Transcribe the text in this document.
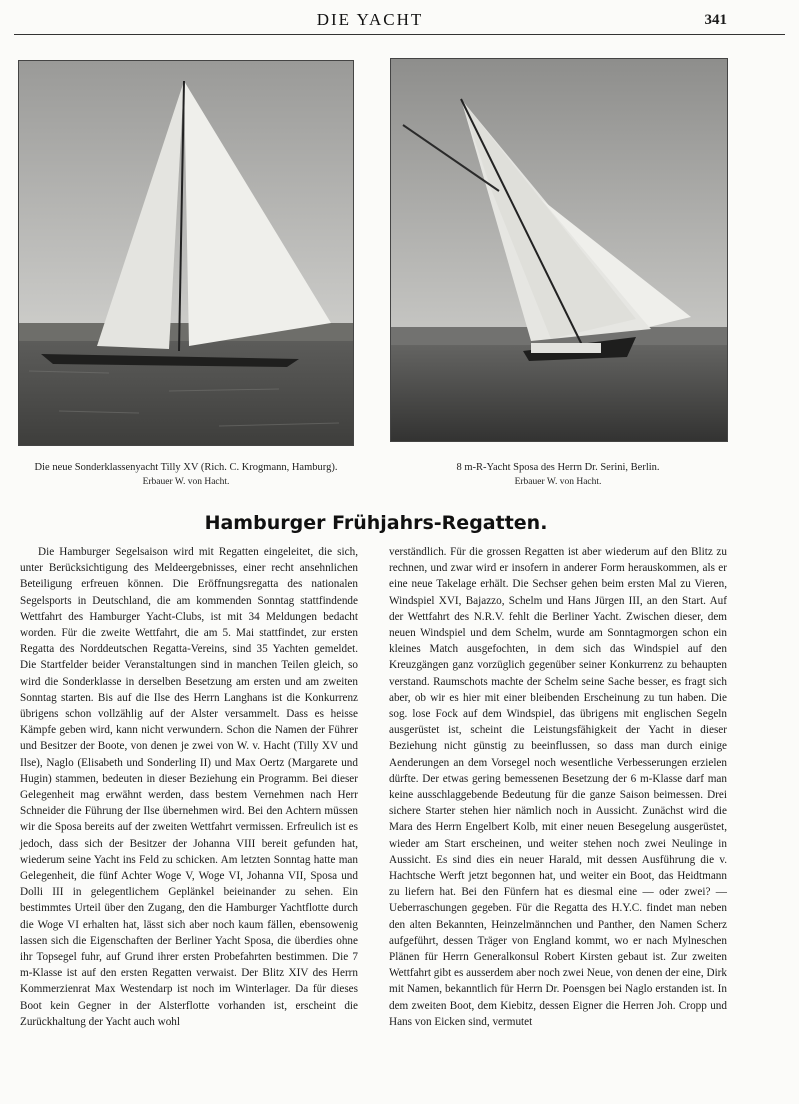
DIE YACHT	341
Die neue Sonderklassenyacht Tilly XV (Rich. C. Krogmann, Hamburg).
Erbauer W. von Hacht.
8 m-R-Yacht Sposa des Herrn Dr. Serini, Berlin.
Erbauer W. von Hacht.
Hamburger Frühjahrs-Regatten.
Die Hamburger Segelsaison wird mit Regatten eingeleitet, die sich, unter Berücksichtigung des Meldeergebnisses, einer recht ansehnlichen Beteiligung erfreuen können. Die Eröffnungsregatta des nationalen Segelsports in Deutschland, die am kommenden Sonntag stattfindende Wettfahrt des Hamburger Yacht-Clubs, ist mit 34 Meldungen bedacht worden. Für die zweite Wettfahrt, die am 5. Mai stattfindet, zur ersten Regatta des Norddeutschen Regatta-Vereins, sind 35 Yachten gemeldet. Die Startfelder beider Veranstaltungen sind in manchen Teilen gleich, so wird die Sonderklasse in derselben Besetzung am ersten und am zweiten Sonntag starten. Bis auf die Ilse des Herrn Langhans ist die Konkurrenz übrigens schon vollzählig auf der Alster versammelt. Dass es heisse Kämpfe geben wird, kann nicht verwundern. Schon die Namen der Führer und Besitzer der Boote, von denen je zwei von W. v. Hacht (Tilly XV und Ilse), Naglo (Elisabeth und Sonderling II) und Max Oertz (Margarete und Hugin) stammen, bedeuten in dieser Beziehung ein Programm. Bei dieser Gelegenheit mag erwähnt werden, dass bestem Vernehmen nach Herr Schneider die Führung der Ilse übernehmen wird. Bei den Achtern müssen wir die Sposa bereits auf der zweiten Wettfahrt vermissen. Erfreulich ist es jedoch, dass sich der Besitzer der Johanna VIII bereit gefunden hat, wiederum seine Yacht ins Feld zu schicken. Am letzten Sonntag hatte man Gelegenheit, die fünf Achter Woge V, Woge VI, Johanna VII, Sposa und Dolli III in gelegentlichem Geplänkel beieinander zu sehen. Ein bestimmtes Urteil über den Zugang, den die Hamburger Yachtflotte durch die Woge VI erhalten hat, lässt sich aber noch kaum fällen, ebensowenig lassen sich die Eigenschaften der Berliner Yacht Sposa, die überdies ohne ihr Topsegel fuhr, auf Grund ihrer ersten Probefahrten bestimmen. Die 7 m-Klasse ist auf den ersten Regatten verwaist. Der Blitz XIV des Herrn Kommerzienrat Max Westendarp ist noch im Winterlager. Da für dieses Boot kein Gegner in der Alsterflotte vorhanden ist, erscheint die Zurückhaltung der Yacht auch wohl
verständlich. Für die grossen Regatten ist aber wiederum auf den Blitz zu rechnen, und zwar wird er insofern in anderer Form herauskommen, als er eine neue Takelage erhält. Die Sechser gehen beim ersten Mal zu Vieren, Windspiel XVI, Bajazzo, Schelm und Hans Jürgen III, an den Start. Auf der Wettfahrt des N.R.V. fehlt die Berliner Yacht. Zwischen dieser, dem neuen Windspiel und dem Schelm, wurde am Sonntagmorgen schon ein kleines Match ausgefochten, in dem sich das Windspiel auf den Kreuzgängen ganz vorzüglich gegenüber seiner Konkurrenz zu behaupten verstand. Raumschots machte der Schelm seine Sache besser, es fragt sich aber, ob wir es hier mit einer bleibenden Erscheinung zu tun haben. Die sog. lose Fock auf dem Windspiel, das übrigens mit englischen Segeln ausgerüstet ist, scheint die Leistungsfähigkeit der Yacht in dieser Beziehung nicht günstig zu beeinflussen, so dass man durch einige Aenderungen an dem Vorsegel noch wesentliche Verbesserungen erzielen dürfte. Der etwas gering bemessenen Besetzung der 6 m-Klasse darf man keine ausschlaggebende Bedeutung für die ganze Saison beimessen. Drei sichere Starter stehen hier nämlich noch in Aussicht. Zunächst wird die Mara des Herrn Engelbert Kolb, mit einer neuen Besegelung ausgerüstet, wieder am Start erscheinen, und weiter stehen noch zwei Neulinge in Aussicht. Es sind dies ein neuer Harald, mit dessen Ausführung die v. Hachtsche Werft jetzt begonnen hat, und weiter ein Boot, das Heidtmann zu liefern hat. Bei den Fünfern hat es diesmal eine — oder zwei? — Ueberraschungen gegeben. Für die Regatta des H.Y.C. findet man neben den alten Bekannten, Heinzelmännchen und Panther, den Namen Scherz aufgeführt, dessen Träger von England kommt, wo er nach Mylneschen Plänen für Herrn Generalkonsul Robert Kirsten gebaut ist. Zur zweiten Wettfahrt gibt es ausserdem aber noch zwei Neue, von denen der eine, Dirk mit Namen, bekanntlich für Herrn Dr. Poensgen bei Naglo erstanden ist. In dem zweiten Boot, dem Kiebitz, dessen Eigner die Herren Joh. Cropp und Hans von Eicken sind, vermutet
